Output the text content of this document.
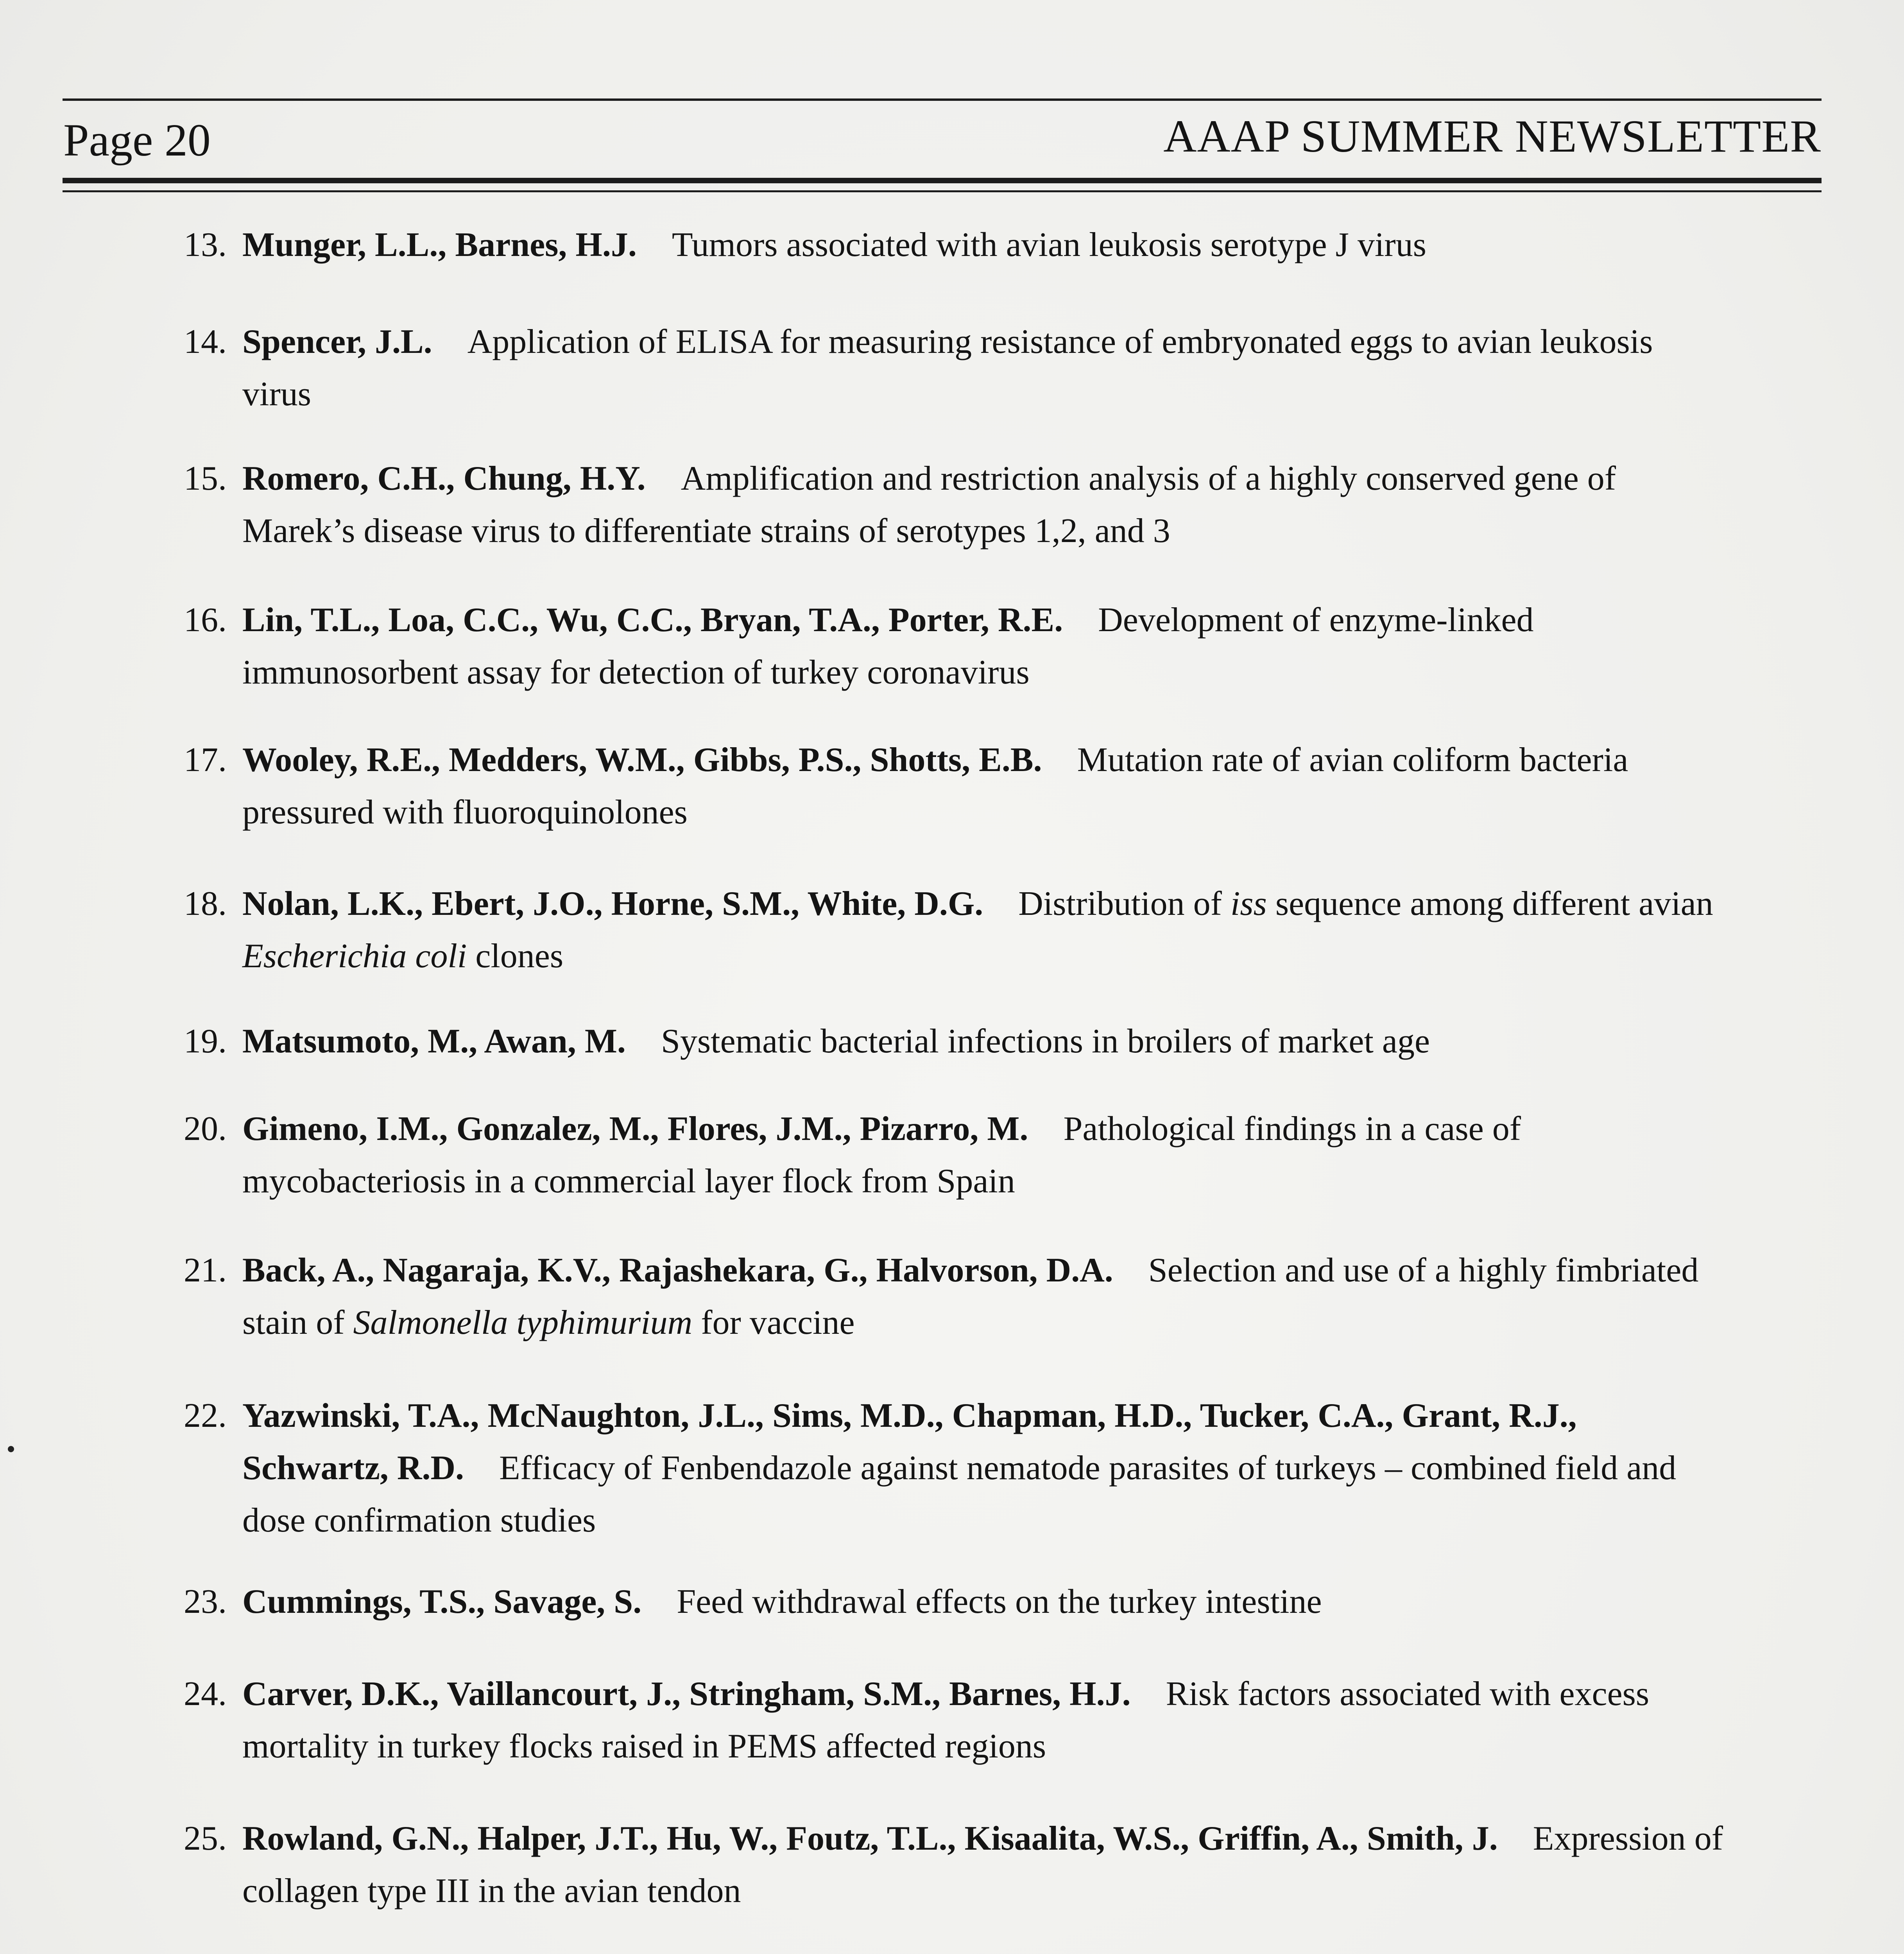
Page 20	AAAP SUMMER NEWSLETTER
13. Munger, L.L., Barnes, H.J. Tumors associated with avian leukosis serotype J virus
14. Spencer, J.L. Application of ELISA for measuring resistance of embryonated eggs to avian leukosis virus
15. Romero, C.H., Chung, H.Y. Amplification and restriction analysis of a highly conserved gene of Marek’s disease virus to differentiate strains of serotypes 1,2, and 3
16. Lin, T.L., Loa, C.C., Wu, C.C., Bryan, T.A., Porter, R.E. Development of enzyme-linked immunosorbent assay for detection of turkey coronavirus
17. Wooley, R.E., Medders, W.M., Gibbs, P.S., Shotts, E.B. Mutation rate of avian coliform bacteria pressured with fluoroquinolones
18. Nolan, L.K., Ebert, J.O., Horne, S.M., White, D.G. Distribution of iss sequence among different avian Escherichia coli clones
19. Matsumoto, M., Awan, M. Systematic bacterial infections in broilers of market age
20. Gimeno, I.M., Gonzalez, M., Flores, J.M., Pizarro, M. Pathological findings in a case of mycobacteriosis in a commercial layer flock from Spain
21. Back, A., Nagaraja, K.V., Rajashekara, G., Halvorson, D.A. Selection and use of a highly fimbriated stain of Salmonella typhimurium for vaccine
22. Yazwinski, T.A., McNaughton, J.L., Sims, M.D., Chapman, H.D., Tucker, C.A., Grant, R.J., Schwartz, R.D. Efficacy of Fenbendazole against nematode parasites of turkeys – combined field and dose confirmation studies
23. Cummings, T.S., Savage, S. Feed withdrawal effects on the turkey intestine
24. Carver, D.K., Vaillancourt, J., Stringham, S.M., Barnes, H.J. Risk factors associated with excess mortality in turkey flocks raised in PEMS affected regions
25. Rowland, G.N., Halper, J.T., Hu, W., Foutz, T.L., Kisaalita, W.S., Griffin, A., Smith, J. Expression of collagen type III in the avian tendon
